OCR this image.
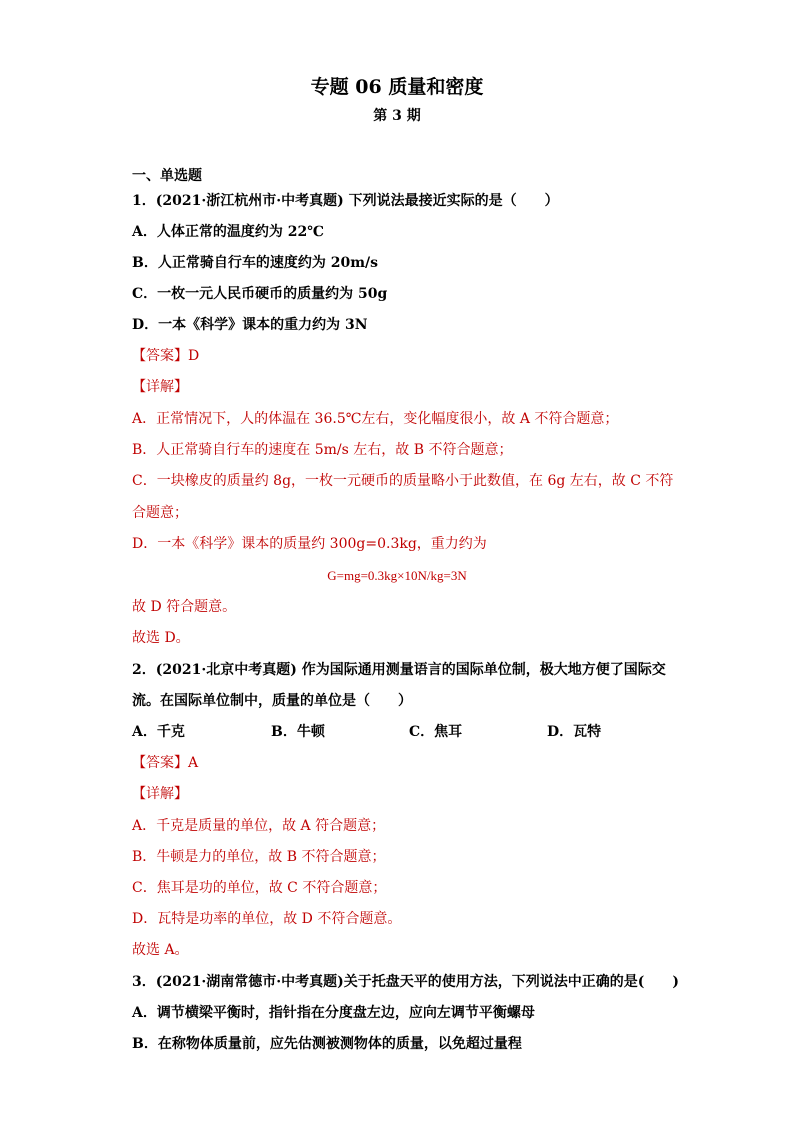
专题 06 质量和密度
第 3 期
一、单选题
1．(2021·浙江杭州市·中考真题) 下列说法最接近实际的是（　　）
A．人体正常的温度约为 22℃
B．人正常骑自行车的速度约为 20m/s
C．一枚一元人民币硬币的质量约为 50g
D．一本《科学》课本的重力约为 3N
【答案】D
【详解】
A．正常情况下，人的体温在 36.5℃左右，变化幅度很小，故 A 不符合题意；
B．人正常骑自行车的速度在 5m/s 左右，故 B 不符合题意；
C．一块橡皮的质量约 8g，一枚一元硬币的质量略小于此数值，在 6g 左右，故 C 不符
合题意；
D．一本《科学》课本的质量约 300g=0.3kg，重力约为
G=mg=0.3kg×10N/kg=3N
故 D 符合题意。
故选 D。
2．(2021·北京中考真题) 作为国际通用测量语言的国际单位制，极大地方便了国际交
流。在国际单位制中，质量的单位是（　　）
A．千克	B．牛顿	C．焦耳	D．瓦特
【答案】A
【详解】
A．千克是质量的单位，故 A 符合题意；
B．牛顿是力的单位，故 B 不符合题意；
C．焦耳是功的单位，故 C 不符合题意；
D．瓦特是功率的单位，故 D 不符合题意。
故选 A。
3．(2021·湖南常德市·中考真题)关于托盘天平的使用方法，下列说法中正确的是(　　)
A．调节横梁平衡时，指针指在分度盘左边，应向左调节平衡螺母
B．在称物体质量前，应先估测被测物体的质量，以免超过量程
